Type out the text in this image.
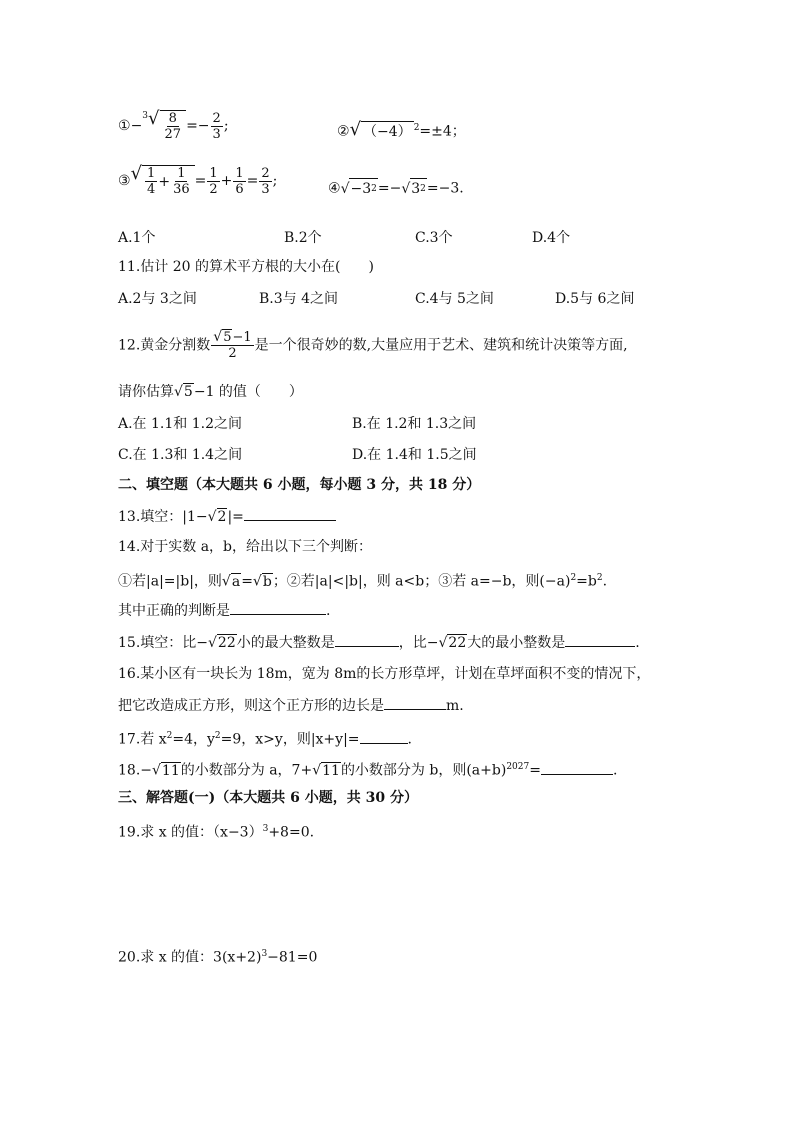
①−$^3$ √ $\frac{8}{27} =- \frac{2}{3}$ ;	② √ （−4） $^2$=±4；
③ √ $\frac{1}{4} + \frac{1}{36} = \frac{1}{2} + \frac{1}{6} = \frac{2}{3}$ ;	④√ −3 2 =−√ 3 2 =−3.
A.1个	B.2个	C.3个	D.4个
11.估计 20 的算术平方根的大小在(　　)
A.2与 3之间	B.3与 4之间	C.4与 5之间	D.5与 6之间
12.黄金分割数 $\frac{√5-1}{2}$ 是一个很奇妙的数,大量应用于艺术、建筑和统计决策等方面,
请你估算√5−1 的值（　　）
A.在 1.1和 1.2之间	B.在 1.2和 1.3之间
C.在 1.3和 1.4之间	D.在 1.4和 1.5之间
二、填空题（本大题共 6 小题，每小题 3 分，共 18 分）
13.填空：|1−√2|=
14.对于实数 a，b，给出以下三个判断：
①若|a|=|b|，则√a=√b；②若|a|<|b|，则 a<b；③若 a=−b，则$(-a)^2=b^2$.
其中正确的判断是	.
15.填空：比−√22小的最大整数是	，比−√22大的最小整数是	.
16.某小区有一块长为 18m，宽为 8m的长方形草坪，计划在草坪面积不变的情况下，
把它改造成正方形，则这个正方形的边长是	m.
17.若 $x^2=4$，$y^2=9$，x>y，则|x+y|=	.
18.−√11的小数部分为 a，7+√11的小数部分为 b，则$(a+b)^{2027}=$	.
三、解答题(一)（本大题共 6 小题，共 30 分）
19.求 x 的值：$(x-3)^3+8=0$.
20.求 x 的值：$3(x+2)^3-81=0$
